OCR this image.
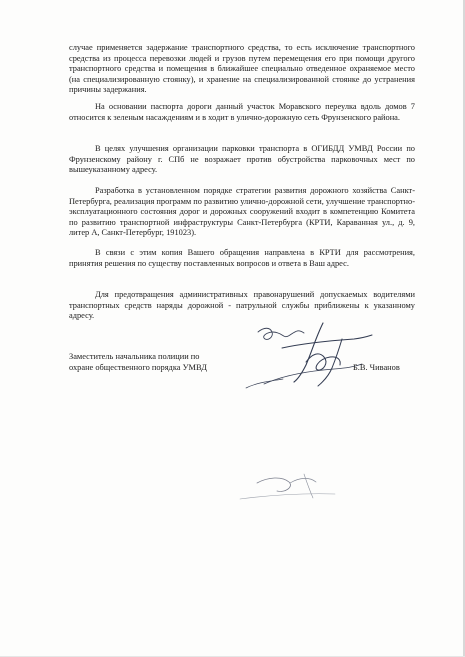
случае применяется задержание транспортного средства, то есть исключение транспортного средства из процесса перевозки людей и грузов путем перемещения его при помощи другого транспортного средства и помещения в ближайшее специально отведенное охраняемое место (на специализированную стоянку), и хранение на специализированной стоянке до устранения причины задержания.

На основании паспорта дороги данный участок Моравского переулка вдоль домов 7 относится к зеленым насаждениям и в ходит в улично-дорожную сеть Фрунзенского района.

В целях улучшения организации парковки транспорта в ОГИБДД УМВД России по Фрунзенскому району г. СПб не возражает против обустройства парковочных мест по вышеуказанному адресу.

Разработка в установленном порядке стратегии развития дорожного хозяйства Санкт-Петербурга, реализация программ по развитию улично-дорожной сети, улучшение транспортно-эксплуатационного состояния дорог и дорожных сооружений входит в компетенцию Комитета по развитию транспортной инфраструктуры Санкт-Петербурга (КРТИ, Караванная ул., д. 9, литер А, Санкт-Петербург, 191023).

В связи с этим копия Вашего обращения направлена в КРТИ для рассмотрения, принятия решения по существу поставленных вопросов и ответа в Ваш адрес.

Для предотвращения административных правонарушений допускаемых водителями транспортных средств наряды дорожной - патрульной службы приближены к указанному адресу.

Заместитель начальника полиции по
охране общественного порядка УМВД	Б.В. Чиванов
